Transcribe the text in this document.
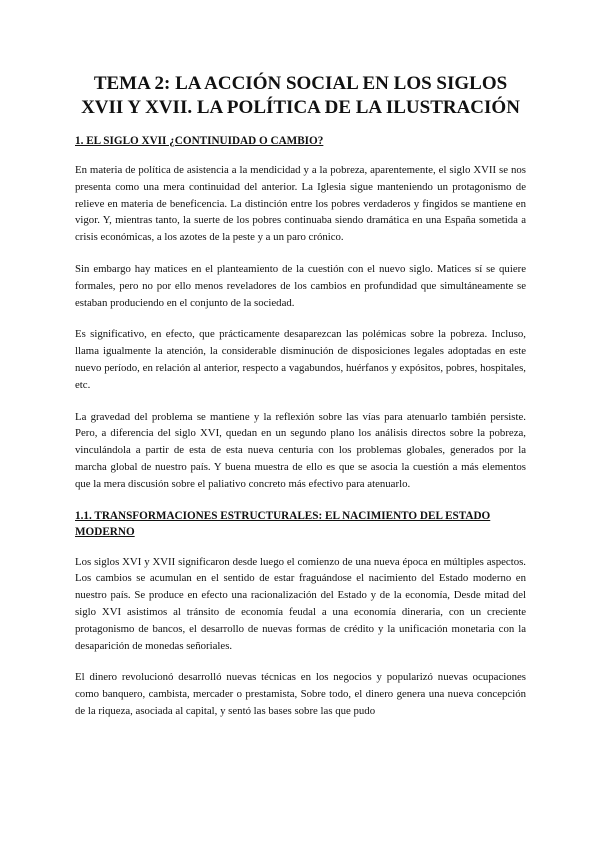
TEMA 2: LA ACCIÓN SOCIAL EN LOS SIGLOS XVII Y XVII. LA POLÍTICA DE LA ILUSTRACIÓN
1. EL SIGLO XVII ¿CONTINUIDAD O CAMBIO?

En materia de política de asistencia a la mendicidad y a la pobreza, aparentemente, el siglo XVII se nos presenta como una mera continuidad del anterior. La Iglesia sigue manteniendo un protagonismo de relieve en materia de beneficencia. La distinción entre los pobres verdaderos y fingidos se mantiene en vigor. Y, mientras tanto, la suerte de los pobres continuaba siendo dramática en una España sometida a crisis económicas, a los azotes de la peste y a un paro crónico.

Sin embargo hay matices en el planteamiento de la cuestión con el nuevo siglo. Matices sí se quiere formales, pero no por ello menos reveladores de los cambios en profundidad que simultáneamente se estaban produciendo en el conjunto de la sociedad.

Es significativo, en efecto, que prácticamente desaparezcan las polémicas sobre la pobreza. Incluso, llama igualmente la atención, la considerable disminución de disposiciones legales adoptadas en este nuevo período, en relación al anterior, respecto a vagabundos, huérfanos y expósitos, pobres, hospitales, etc.

La gravedad del problema se mantiene y la reflexión sobre las vías para atenuarlo también persiste. Pero, a diferencia del siglo XVI, quedan en un segundo plano los análisis directos sobre la pobreza, vinculándola a partir de esta de esta nueva centuria con los problemas globales, generados por la marcha global de nuestro país. Y buena muestra de ello es que se asocia la cuestión a más elementos que la mera discusión sobre el paliativo concreto más efectivo para atenuarlo.

1.1. TRANSFORMACIONES ESTRUCTURALES: EL NACIMIENTO DEL ESTADO MODERNO

Los siglos XVI y XVII significaron desde luego el comienzo de una nueva época en múltiples aspectos. Los cambios se acumulan en el sentido de estar fraguándose el nacimiento del Estado moderno en nuestro país. Se produce en efecto una racionalización del Estado y de la economía, Desde mitad del siglo XVI asistimos al tránsito de economía feudal a una economía dineraria, con un creciente protagonismo de bancos, el desarrollo de nuevas formas de crédito y la unificación monetaria con la desaparición de monedas señoriales.

El dinero revolucionó desarrolló nuevas técnicas en los negocios y popularizó nuevas ocupaciones como banquero, cambista, mercader o prestamista, Sobre todo, el dinero genera una nueva concepción de la riqueza, asociada al capital, y sentó las bases sobre las que pudo
